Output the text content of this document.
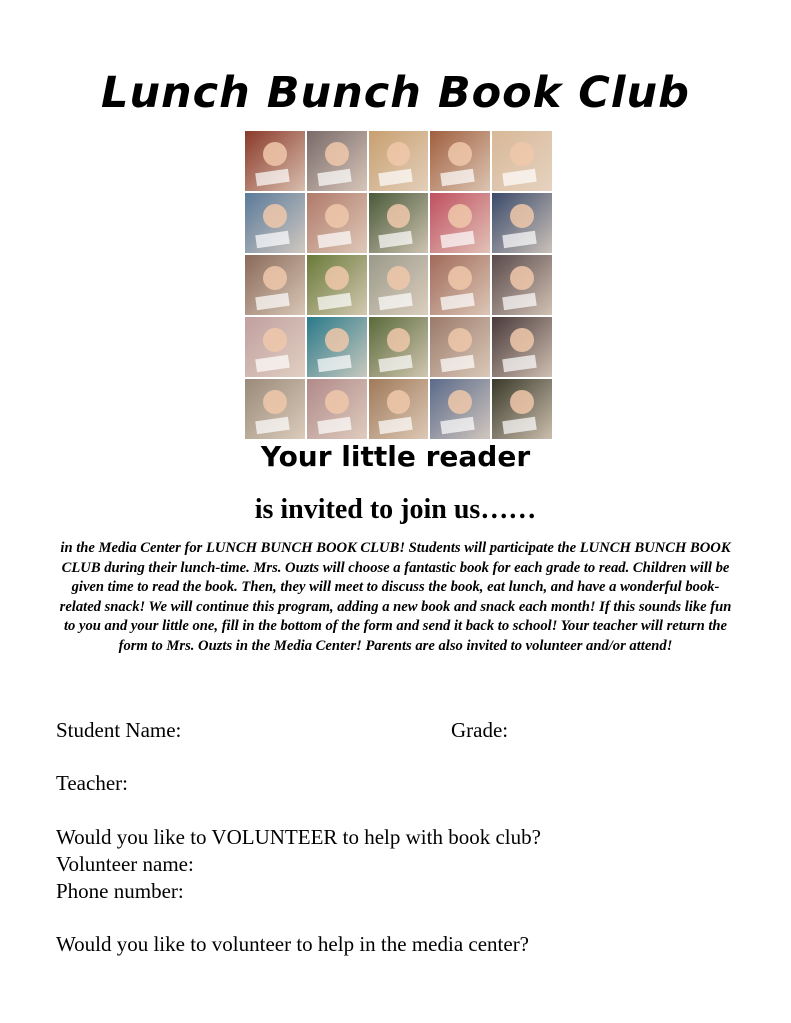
Lunch Bunch Book Club
Your little reader
is invited to join us……

in the Media Center for LUNCH BUNCH BOOK CLUB! Students will participate the LUNCH BUNCH BOOK CLUB during their lunch-time. Mrs. Ouzts will choose a fantastic book for each grade to read. Children will be given time to read the book. Then, they will meet to discuss the book, eat lunch, and have a wonderful book-related snack! We will continue this program, adding a new book and snack each month! If this sounds like fun to you and your little one, fill in the bottom of the form and send it back to school! Your teacher will return the form to Mrs. Ouzts in the Media Center! Parents are also invited to volunteer and/or attend!

Student Name:	Grade:
Teacher:
Would you like to VOLUNTEER to help with book club?
Volunteer name:
Phone number:
Would you like to volunteer to help in the media center?
